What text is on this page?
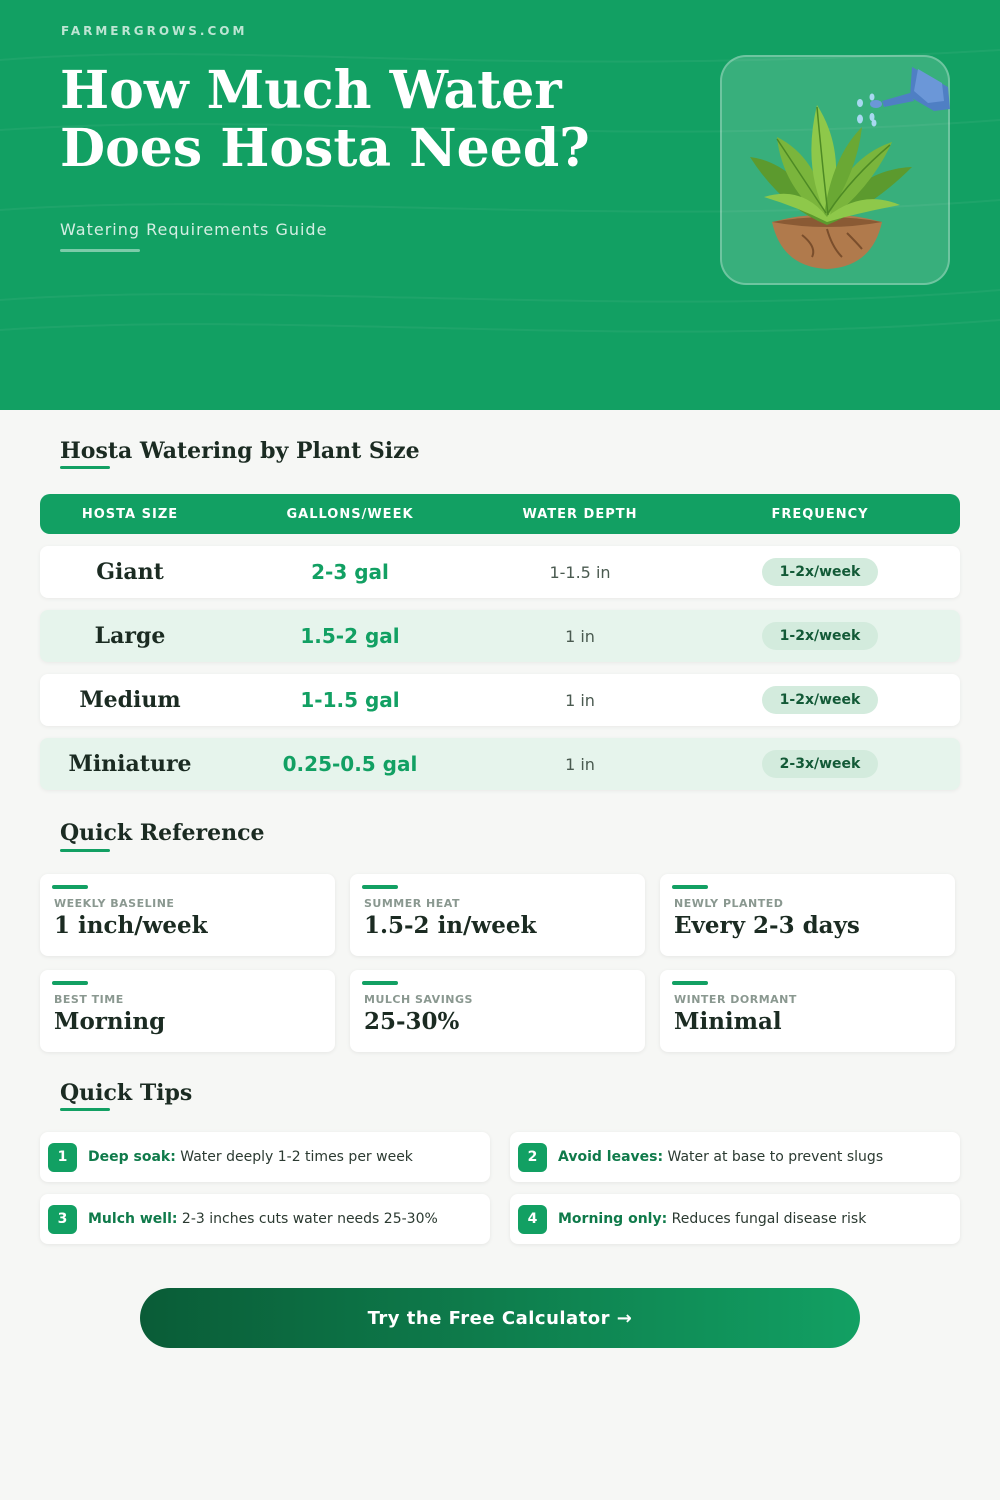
FARMERGROWS.COM
How Much Water Does Hosta Need?
Watering Requirements Guide
Hosta Watering by Plant Size
HOSTA SIZE	GALLONS/WEEK	WATER DEPTH	FREQUENCY
Giant	2-3 gal	1-1.5 in	1-2x/week
Large	1.5-2 gal	1 in	1-2x/week
Medium	1-1.5 gal	1 in	1-2x/week
Miniature	0.25-0.5 gal	1 in	2-3x/week
Quick Reference
WEEKLY BASELINE
1 inch/week
SUMMER HEAT
1.5-2 in/week
NEWLY PLANTED
Every 2-3 days
BEST TIME
Morning
MULCH SAVINGS
25-30%
WINTER DORMANT
Minimal
Quick Tips
1	Deep soak: Water deeply 1-2 times per week	2	Avoid leaves: Water at base to prevent slugs
3	Mulch well: 2-3 inches cuts water needs 25-30%	4	Morning only: Reduces fungal disease risk
Try the Free Calculator →
